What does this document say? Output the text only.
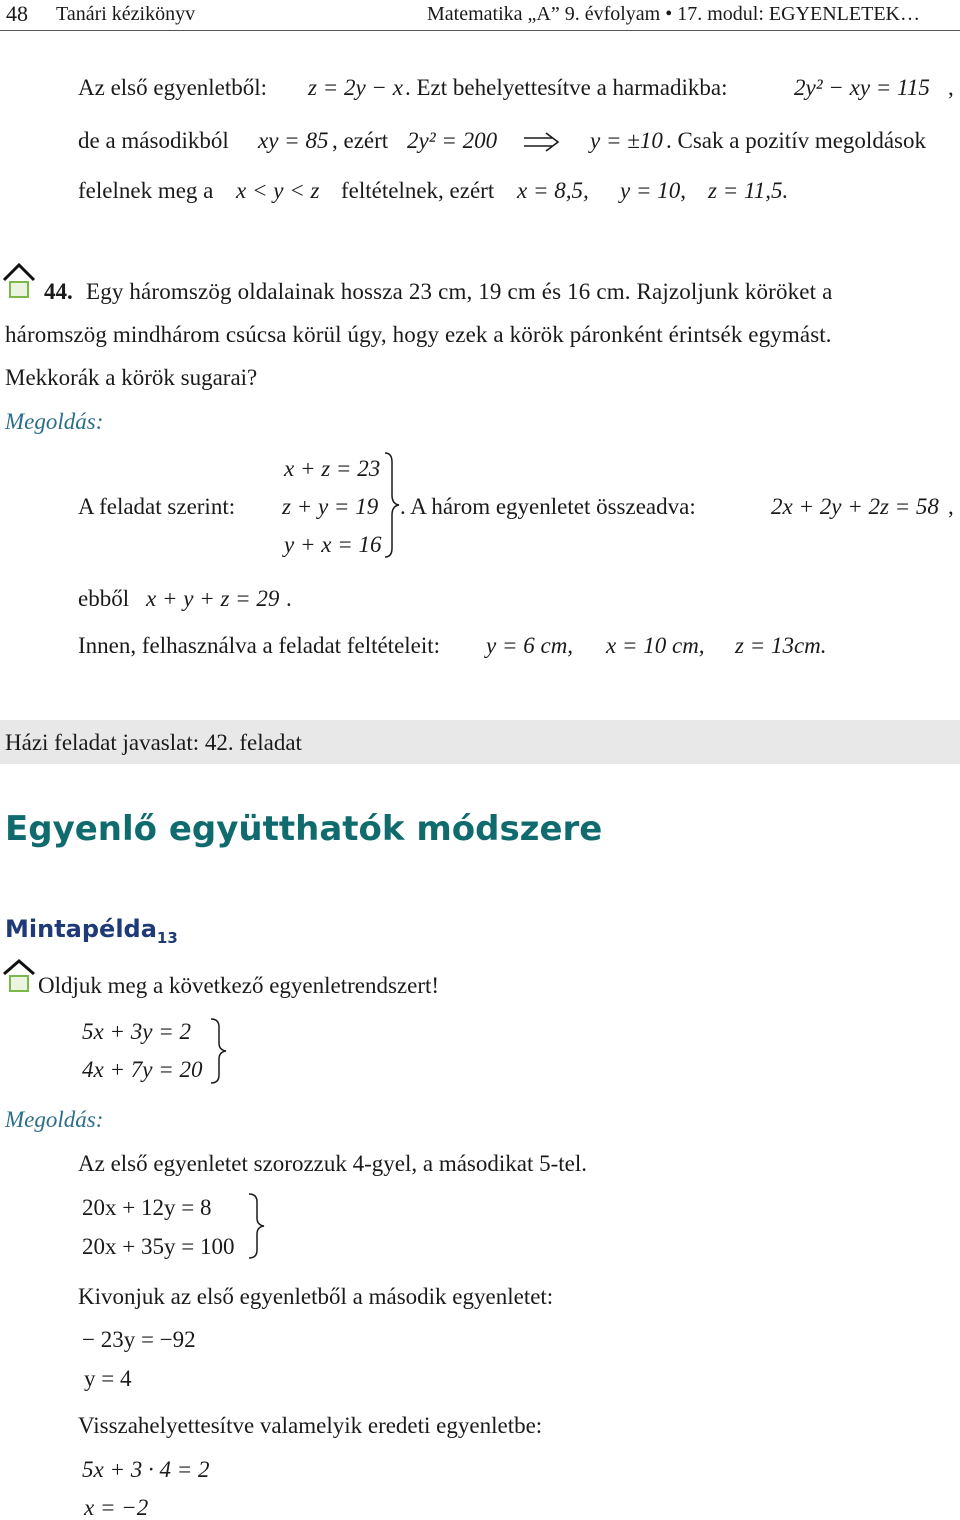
48 Tanári kézikönyv	Matematika „A” 9. évfolyam • 17. modul: EGYENLETEK…
Az első egyenletből: z = 2y − x . Ezt behelyettesítve a harmadikba:	2y² − xy = 115 ,
de a másodikból xy = 85 , ezért 2y² = 200	y = ±10 . Csak a pozitív megoldások
felelnek meg a x < y < z feltételnek, ezért x = 8,5, y = 10, z = 11,5.
44. Egy háromszög oldalainak hossza 23 cm, 19 cm és 16 cm. Rajzoljunk köröket a
háromszög mindhárom csúcsa körül úgy, hogy ezek a körök páronként érintsék egymást.
Mekkorák a körök sugarai?
Megoldás:
x + z = 23
A feladat szerint: z + y = 19
y + x = 16
. A három egyenletet összeadva:	2x + 2y + 2z = 58 ,
ebből x + y + z = 29 .
Innen, felhasználva a feladat feltételeit: y = 6 cm, x = 10 cm, z = 13cm.
Házi feladat javaslat: 42. feladat
Egyenlő együtthatók módszere
Mintapélda$_{13}$
Oldjuk meg a következő egyenletrendszert!
5x + 3y = 2
4x + 7y = 20
Megoldás:
Az első egyenletet szorozzuk 4-gyel, a másodikat 5-tel.
20x + 12y = 8
20x + 35y = 100
Kivonjuk az első egyenletből a második egyenletet:
− 23y = −92
y = 4
Visszahelyettesítve valamelyik eredeti egyenletbe:
5x + 3 · 4 = 2
x = −2
